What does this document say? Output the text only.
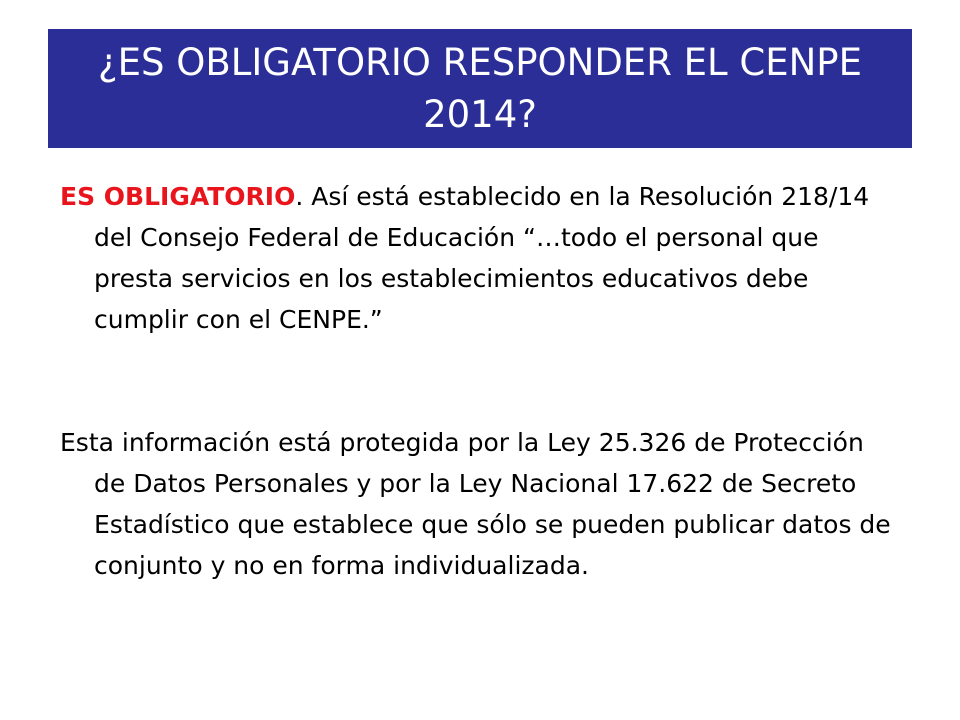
¿ES OBLIGATORIO RESPONDER EL CENPE 2014?

ES OBLIGATORIO. Así está establecido en la Resolución 218/14 del Consejo Federal de Educación “…todo el personal que presta servicios en los establecimientos educativos debe cumplir con el CENPE.”

Esta información está protegida por la Ley 25.326 de Protección de Datos Personales y por la Ley Nacional 17.622 de Secreto Estadístico que establece que sólo se pueden publicar datos de conjunto y no en forma individualizada.
